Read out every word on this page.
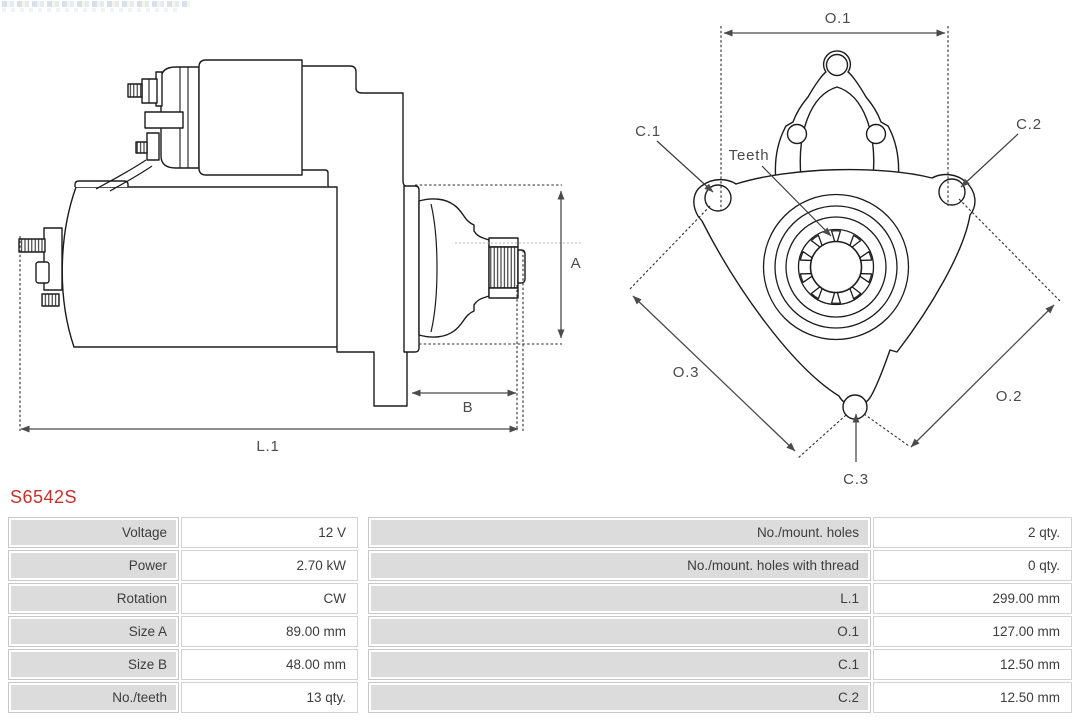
A
B
L.1
O.1
C.1	C.2
Teeth
O.3
O.2
C.3
S6542S
Voltage	12 V	No./mount. holes	2 qty.
Power	2.70 kW	No./mount. holes with thread	0 qty.
Rotation	CW	L.1	299.00 mm
Size A	89.00 mm	O.1	127.00 mm
Size B	48.00 mm	C.1	12.50 mm
No./teeth	13 qty.	C.2	12.50 mm
